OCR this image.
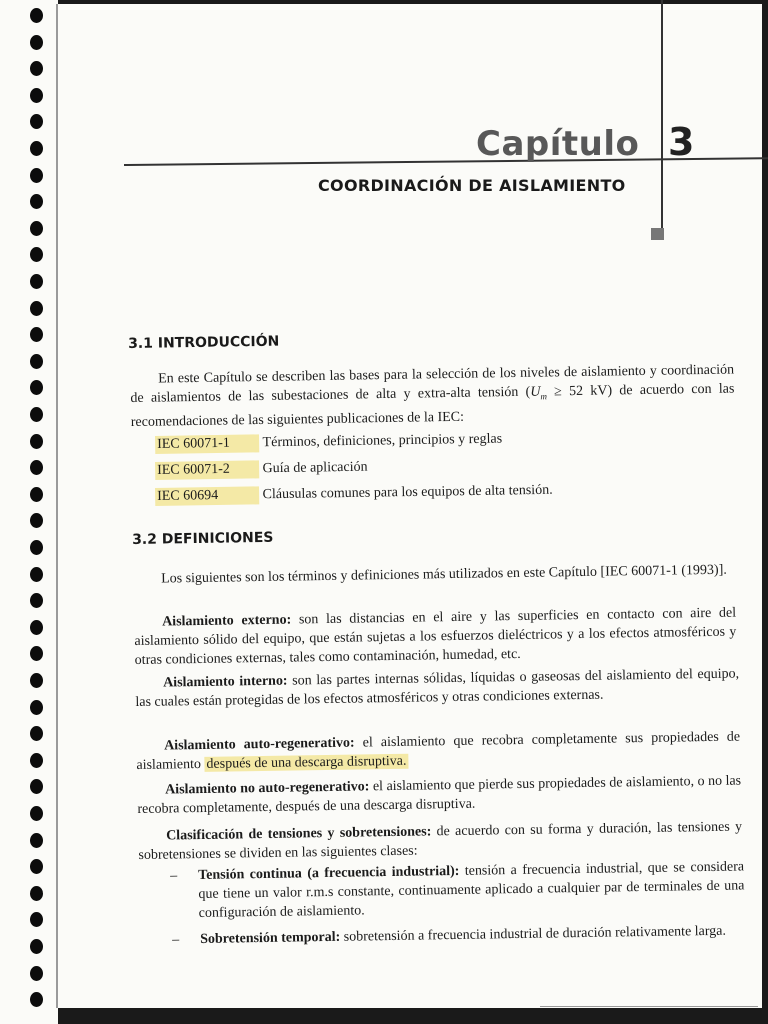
Capítulo 3
COORDINACIÓN DE AISLAMIENTO
3.1 INTRODUCCIÓN
En este Capítulo se describen las bases para la selección de los niveles de aislamiento y coordinación de aislamientos de las subestaciones de alta y extra-alta tensión ($U_m \ge 52$ kV) de acuerdo con las recomendaciones de las siguientes publicaciones de la IEC:
IEC 60071-1 Términos, definiciones, principios y reglas
IEC 60071-2 Guía de aplicación
IEC 60694	Cláusulas comunes para los equipos de alta tensión.
3.2 DEFINICIONES
Los siguientes son los términos y definiciones más utilizados en este Capítulo [IEC 60071-1 (1993)].
Aislamiento externo: son las distancias en el aire y las superficies en contacto con aire del aislamiento sólido del equipo, que están sujetas a los esfuerzos dieléctricos y a los efectos atmosféricos y otras condiciones externas, tales como contaminación, humedad, etc.
Aislamiento interno: son las partes internas sólidas, líquidas o gaseosas del aislamiento del equipo, las cuales están protegidas de los efectos atmosféricos y otras condiciones externas.
Aislamiento auto-regenerativo: el aislamiento que recobra completamente sus propiedades de aislamiento después de una descarga disruptiva.
Aislamiento no auto-regenerativo: el aislamiento que pierde sus propiedades de aislamiento, o no las recobra completamente, después de una descarga disruptiva.
Clasificación de tensiones y sobretensiones: de acuerdo con su forma y duración, las tensiones y sobretensiones se dividen en las siguientes clases:
– Tensión continua (a frecuencia industrial): tensión a frecuencia industrial, que se considera que tiene un valor r.m.s constante, continuamente aplicado a cualquier par de terminales de una configuración de aislamiento.
– Sobretensión temporal: sobretensión a frecuencia industrial de duración relativamente larga.
